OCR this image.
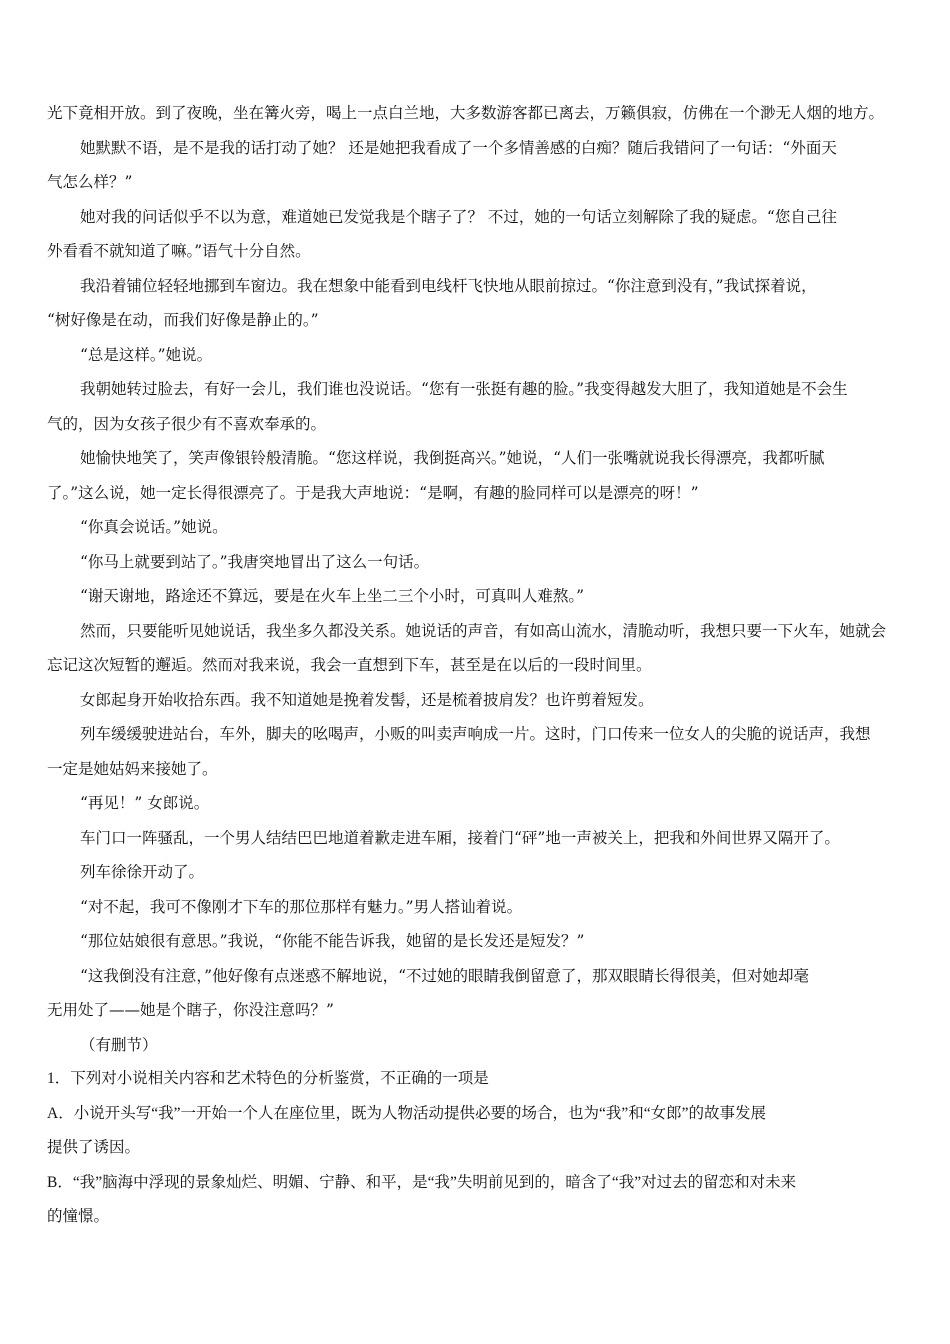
光下竟相开放。到了夜晚，坐在篝火旁，喝上一点白兰地，大多数游客都已离去，万籁俱寂，仿佛在一个渺无人烟的地方。
她默默不语，是不是我的话打动了她？ 还是她把我看成了一个多情善感的白痴？随后我错问了一句话：“外面天
气怎么样？”
她对我的问话似乎不以为意，难道她已发觉我是个瞎子了？ 不过，她的一句话立刻解除了我的疑虑。“您自己往
外看看不就知道了嘛。”语气十分自然。
我沿着铺位轻轻地挪到车窗边。我在想象中能看到电线杆飞快地从眼前掠过。“你注意到没有，”我试探着说，
“树好像是在动，而我们好像是静止的。”
“总是这样。”她说。
我朝她转过脸去，有好一会儿，我们谁也没说话。“您有一张挺有趣的脸。”我变得越发大胆了，我知道她是不会生
气的，因为女孩子很少有不喜欢奉承的。
她愉快地笑了，笑声像银铃般清脆。“您这样说，我倒挺高兴。”她说，“人们一张嘴就说我长得漂亮，我都听腻
了。”这么说，她一定长得很漂亮了。于是我大声地说：“是啊，有趣的脸同样可以是漂亮的呀！”
“你真会说话。”她说。
“你马上就要到站了。”我唐突地冒出了这么一句话。
“谢天谢地，路途还不算远，要是在火车上坐二三个小时，可真叫人难熬。”
然而，只要能听见她说话，我坐多久都没关系。她说话的声音，有如高山流水，清脆动听，我想只要一下火车，她就会
忘记这次短暂的邂逅。然而对我来说，我会一直想到下车，甚至是在以后的一段时间里。
女郎起身开始收拾东西。我不知道她是挽着发髻，还是梳着披肩发？也许剪着短发。
列车缓缓驶进站台，车外，脚夫的吆喝声，小贩的叫卖声响成一片。这时，门口传来一位女人的尖脆的说话声，我想
一定是她姑妈来接她了。
“再见！” 女郎说。
车门口一阵骚乱，一个男人结结巴巴地道着歉走进车厢，接着门“砰”地一声被关上，把我和外间世界又隔开了。
列车徐徐开动了。
“对不起，我可不像刚才下车的那位那样有魅力。”男人搭讪着说。
“那位姑娘很有意思。”我说，“你能不能告诉我，她留的是长发还是短发？”
“这我倒没有注意，”他好像有点迷惑不解地说，“不过她的眼睛我倒留意了，那双眼睛长得很美，但对她却毫
无用处了——她是个瞎子，你没注意吗？”
（有删节）
1．下列对小说相关内容和艺术特色的分析鉴赏，不正确的一项是
A．小说开头写“我”一开始一个人在座位里，既为人物活动提供必要的场合，也为“我”和“女郎”的故事发展
提供了诱因。
B．“我”脑海中浮现的景象灿烂、明媚、宁静、和平，是“我”失明前见到的，暗含了“我”对过去的留恋和对未来
的憧憬。
